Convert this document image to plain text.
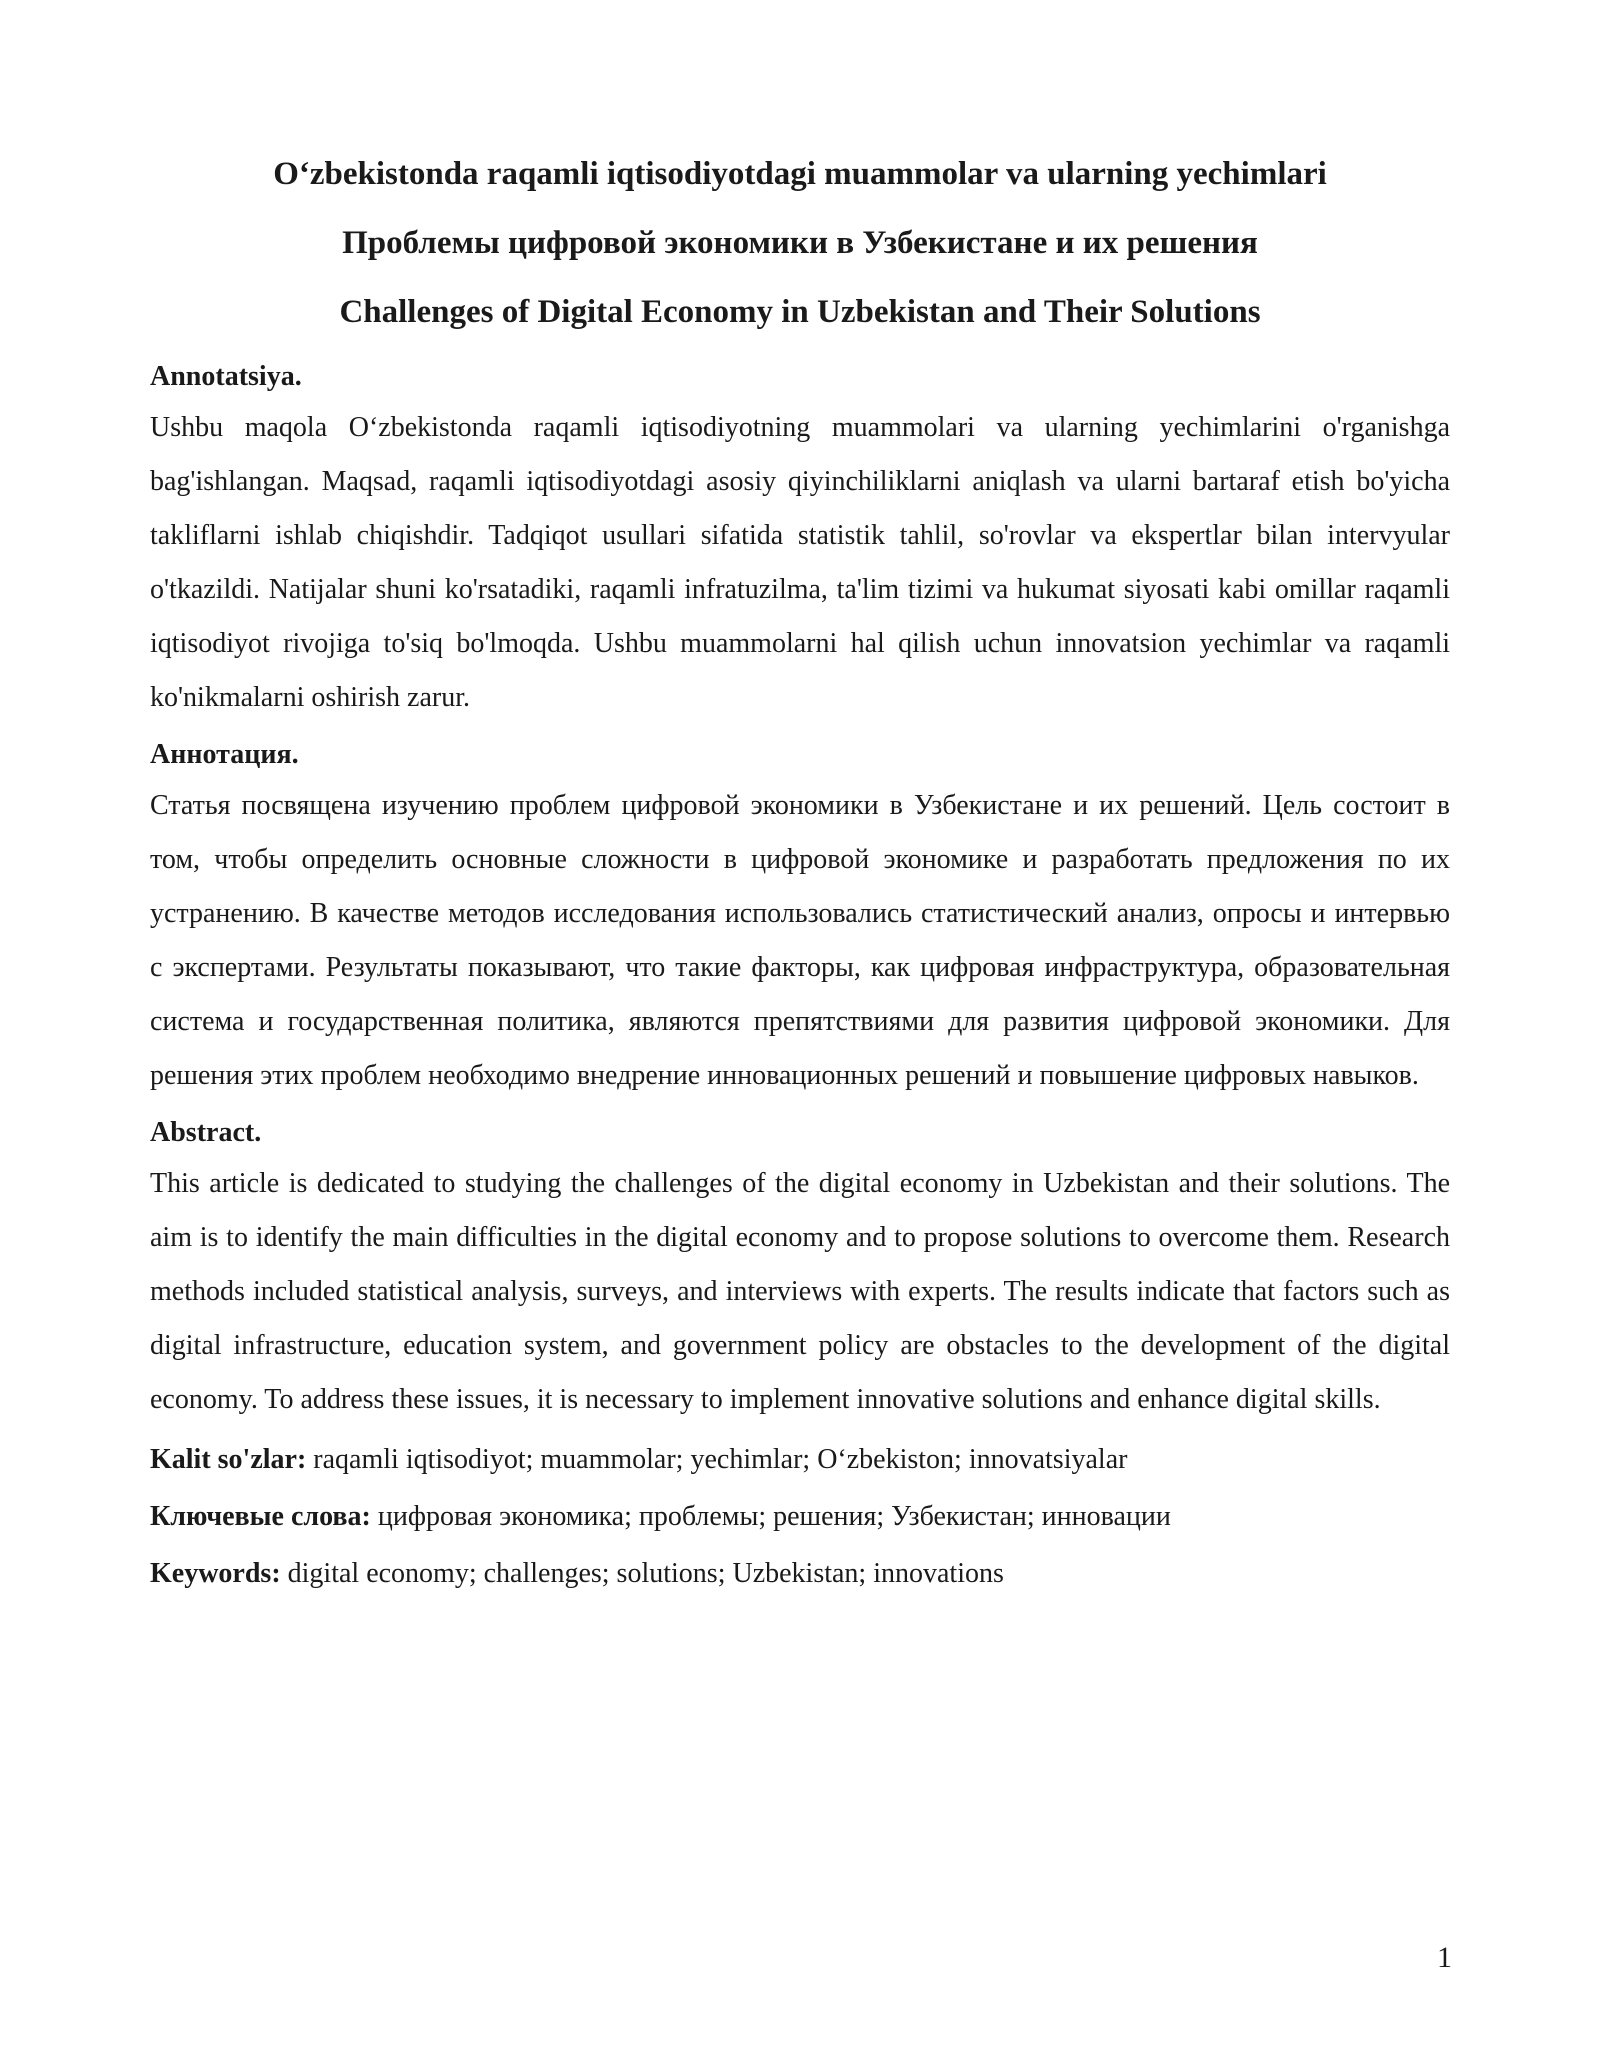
O‘zbekistonda raqamli iqtisodiyotdagi muammolar va ularning yechimlari
Проблемы цифровой экономики в Узбекистане и их решения
Challenges of Digital Economy in Uzbekistan and Their Solutions
Annotatsiya.

Ushbu maqola O‘zbekistonda raqamli iqtisodiyotning muammolari va ularning yechimlarini o'rganishga bag'ishlangan. Maqsad, raqamli iqtisodiyotdagi asosiy qiyinchiliklarni aniqlash va ularni bartaraf etish bo'yicha takliflarni ishlab chiqishdir. Tadqiqot usullari sifatida statistik tahlil, so'rovlar va ekspertlar bilan intervyular o'tkazildi. Natijalar shuni ko'rsatadiki, raqamli infratuzilma, ta'lim tizimi va hukumat siyosati kabi omillar raqamli iqtisodiyot rivojiga to'siq bo'lmoqda. Ushbu muammolarni hal qilish uchun innovatsion yechimlar va raqamli ko'nikmalarni oshirish zarur.

Аннотация.

Статья посвящена изучению проблем цифровой экономики в Узбекистане и их решений. Цель состоит в том, чтобы определить основные сложности в цифровой экономике и разработать предложения по их устранению. В качестве методов исследования использовались статистический анализ, опросы и интервью с экспертами. Результаты показывают, что такие факторы, как цифровая инфраструктура, образовательная система и государственная политика, являются препятствиями для развития цифровой экономики. Для решения этих проблем необходимо внедрение инновационных решений и повышение цифровых навыков.

Abstract.

This article is dedicated to studying the challenges of the digital economy in Uzbekistan and their solutions. The aim is to identify the main difficulties in the digital economy and to propose solutions to overcome them. Research methods included statistical analysis, surveys, and interviews with experts. The results indicate that factors such as digital infrastructure, education system, and government policy are obstacles to the development of the digital economy. To address these issues, it is necessary to implement innovative solutions and enhance digital skills.

Kalit so'zlar: raqamli iqtisodiyot; muammolar; yechimlar; O‘zbekiston; innovatsiyalar

Ключевые слова: цифровая экономика; проблемы; решения; Узбекистан; инновации

Keywords: digital economy; challenges; solutions; Uzbekistan; innovations

1
